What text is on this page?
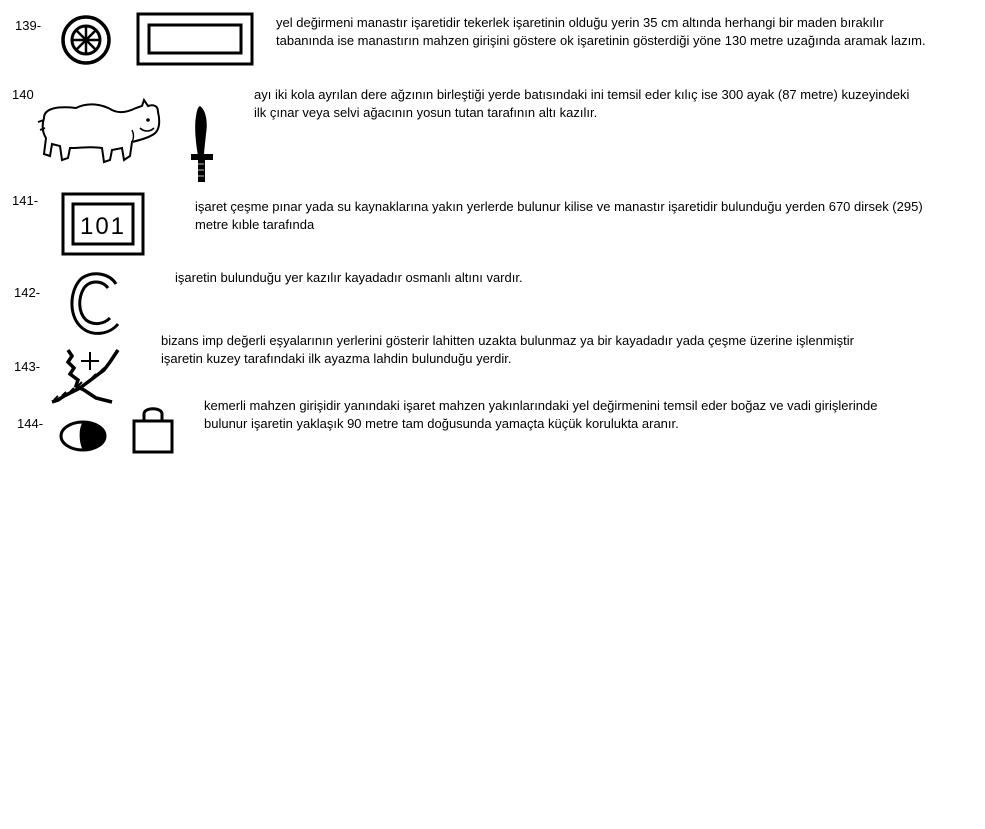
139-	yel değirmeni manastır işaretidir tekerlek işaretinin olduğu yerin 35 cm altında herhangi bir maden bırakılır
tabanında ise manastırın mahzen girişini göstere ok işaretinin gösterdiği yöne 130 metre uzağında aramak lazım.
140	ayı iki kola ayrılan dere ağzının birleştiği yerde batısındaki ini temsil eder kılıç ise 300 ayak (87 metre) kuzeyindeki
ilk çınar veya selvi ağacının yosun tutan tarafının altı kazılır.
141-
101
işaret çeşme pınar yada su kaynaklarına yakın yerlerde bulunur kilise ve manastır işaretidir bulunduğu yerden 670 dirsek (295)
metre kıble tarafında
142-
işaretin bulunduğu yer kazılır kayadadır osmanlı altını vardır.
143-
bizans imp değerli eşyalarının yerlerini gösterir lahitten uzakta bulunmaz ya bir kayadadır yada çeşme üzerine işlenmiştir
işaretin kuzey tarafındaki ilk ayazma lahdin bulunduğu yerdir.
144-
kemerli mahzen girişidir yanındaki işaret mahzen yakınlarındaki yel değirmenini temsil eder boğaz ve vadi girişlerinde
bulunur işaretin yaklaşık 90 metre tam doğusunda yamaçta küçük korulukta aranır.
